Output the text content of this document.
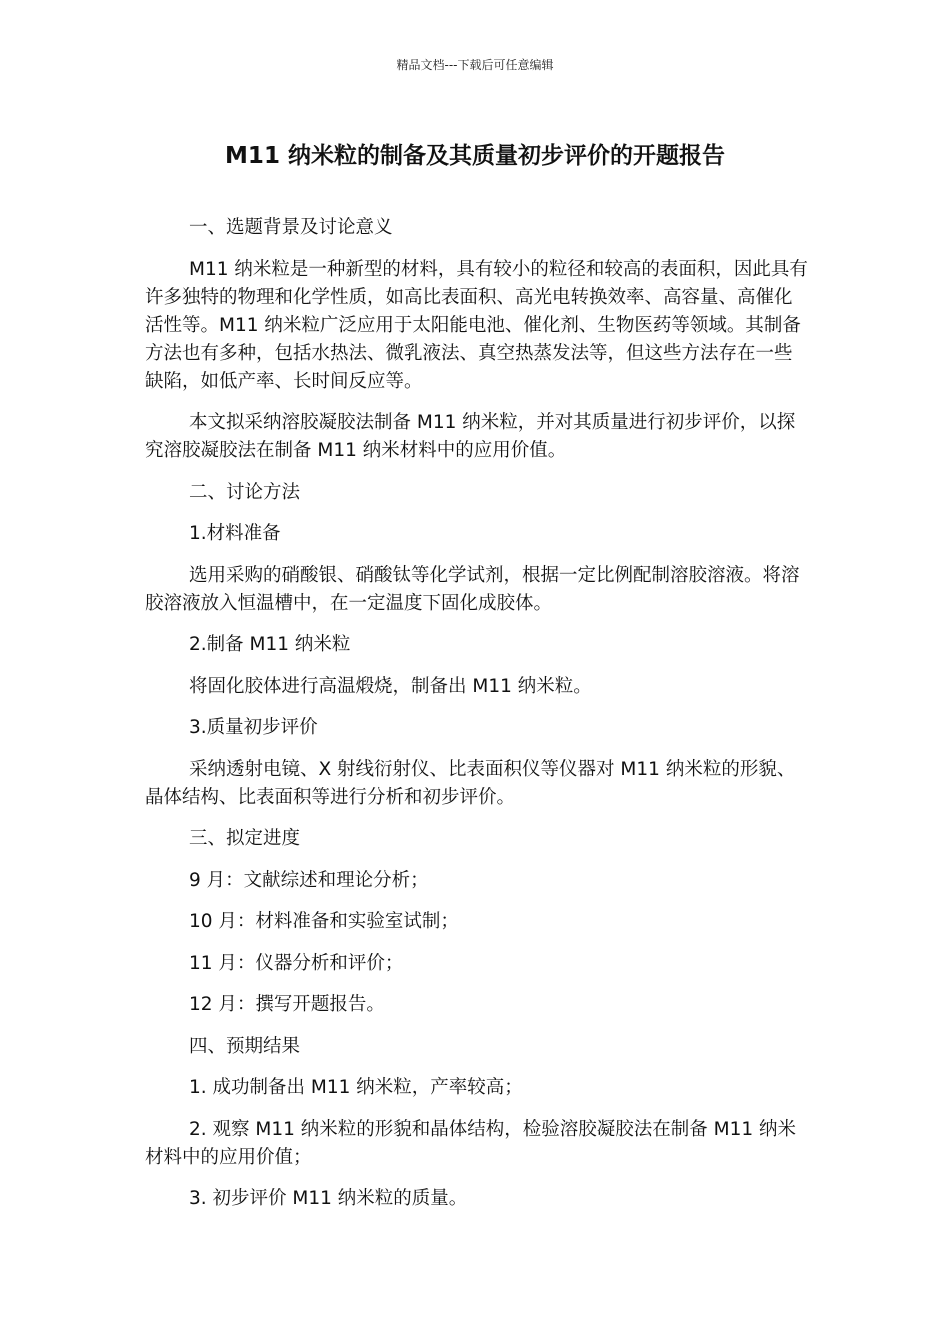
精品文档---下载后可任意编辑
M11 纳米粒的制备及其质量初步评价的开题报告

一、选题背景及讨论意义

M11 纳米粒是一种新型的材料，具有较小的粒径和较高的表面积，因此具有许多独特的物理和化学性质，如高比表面积、高光电转换效率、高容量、高催化活性等。M11 纳米粒广泛应用于太阳能电池、催化剂、生物医药等领域。其制备方法也有多种，包括水热法、微乳液法、真空热蒸发法等，但这些方法存在一些缺陷，如低产率、长时间反应等。

本文拟采纳溶胶凝胶法制备 M11 纳米粒，并对其质量进行初步评价，以探究溶胶凝胶法在制备 M11 纳米材料中的应用价值。

二、讨论方法

1.材料准备

选用采购的硝酸银、硝酸钛等化学试剂，根据一定比例配制溶胶溶液。将溶胶溶液放入恒温槽中，在一定温度下固化成胶体。

2.制备 M11 纳米粒

将固化胶体进行高温煅烧，制备出 M11 纳米粒。

3.质量初步评价

采纳透射电镜、X 射线衍射仪、比表面积仪等仪器对 M11 纳米粒的形貌、晶体结构、比表面积等进行分析和初步评价。

三、拟定进度

9 月：文献综述和理论分析；

10 月：材料准备和实验室试制；

11 月：仪器分析和评价；

12 月：撰写开题报告。

四、预期结果

1. 成功制备出 M11 纳米粒，产率较高；

2. 观察 M11 纳米粒的形貌和晶体结构，检验溶胶凝胶法在制备 M11 纳米材料中的应用价值；

3. 初步评价 M11 纳米粒的质量。
